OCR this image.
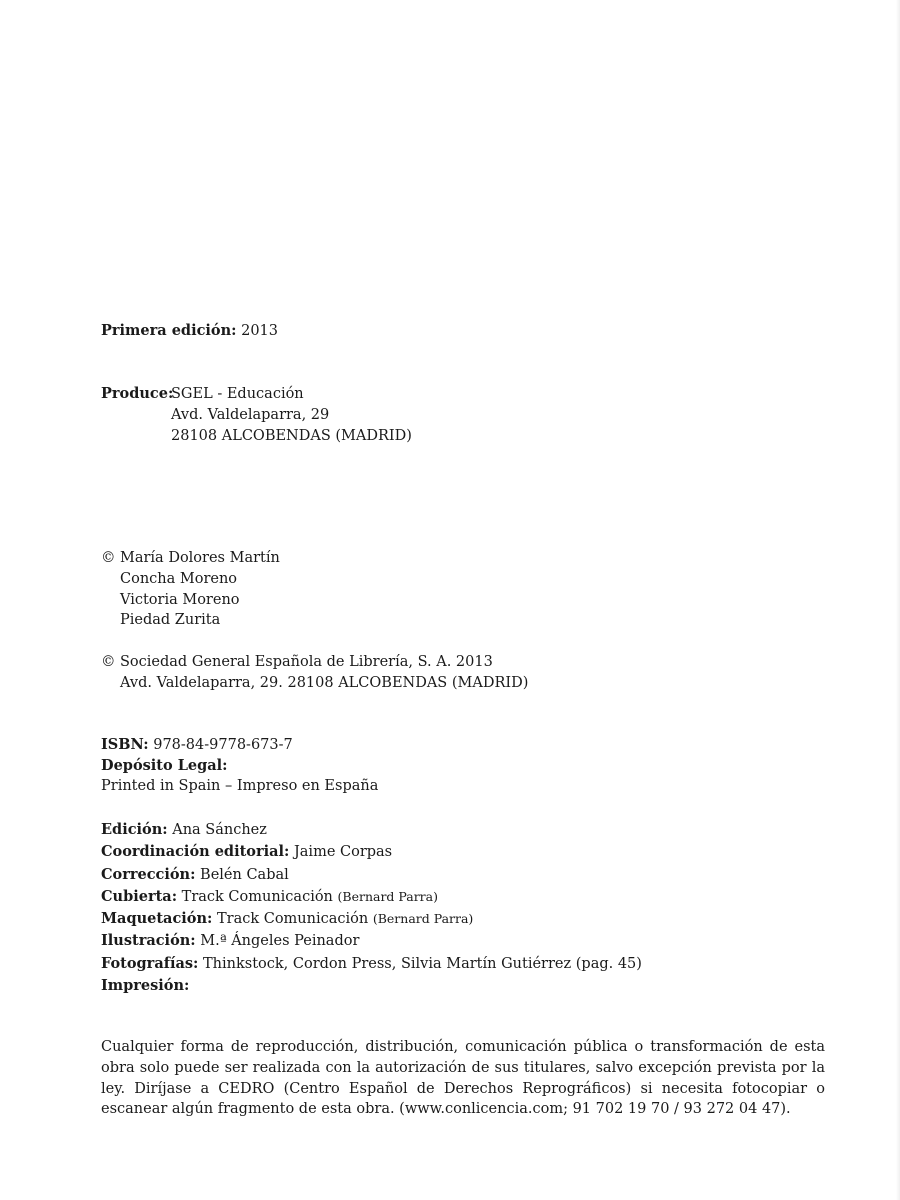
Primera edición: 2013
Produce:SGEL - Educación
Avd. Valdelaparra, 29
28108 ALCOBENDAS (MADRID)
© María Dolores Martín
Concha Moreno
Victoria Moreno
Piedad Zurita
© Sociedad General Española de Librería, S. A. 2013
Avd. Valdelaparra, 29. 28108 ALCOBENDAS (MADRID)
ISBN: 978-84-9778-673-7
Depósito Legal:
Printed in Spain – Impreso en España
Edición: Ana Sánchez
Coordinación editorial: Jaime Corpas
Corrección: Belén Cabal
Cubierta: Track Comunicación (Bernard Parra)
Maquetación: Track Comunicación (Bernard Parra)
Ilustración: M.ª Ángeles Peinador
Fotografías: Thinkstock, Cordon Press, Silvia Martín Gutiérrez (pag. 45)
Impresión:
Cualquier forma de reproducción, distribución, comunicación pública o transformación de esta obra solo puede ser realizada con la autorización de sus titulares, salvo excepción prevista por la ley. Diríjase a CEDRO (Centro Español de Derechos Reprográficos) si necesita fotocopiar o escanear algún fragmento de esta obra. (www.conlicencia.com; 91 702 19 70 / 93 272 04 47).
